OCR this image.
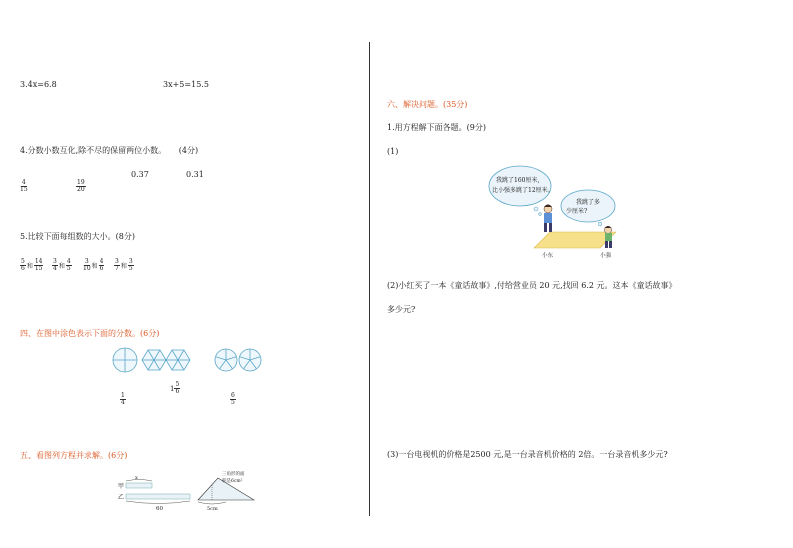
3.4x=6.8	3x+5=15.5
4.分数小数互化,除不尽的保留两位小数。 (4分)
$\frac{4}{15}$	$\frac{19}{20}$
0.37	0.31
5.比较下面每组数的大小。(8分)
$\frac{5}{6}$ 和 $\frac{14}{15} \frac{3}{4}$ 和 $\frac{4}{5} \frac{3}{10}$ 和 $\frac{4}{6} \frac{3}{7}$ 和 $\frac{3}{5}$
四、在图中涂色表示下面的分数。(6分)
$\frac{1}{4}$
$1 \frac{5}{6}$
$\frac{6}{5}$
五、看图列方程并求解。(6分)
x
甲
乙
60
三角形的面
积是6cm²
5cm
六、解决问题。(35分)
1.用方程解下面各题。(9分)
(1)
我跳了160厘米,
比小强多跳了12厘米。
我跳了多
少厘米?
小东	小强
(2)小红买了一本《童话故事》,付给营业员 20 元,找回 6.2 元。这本《童话故事》
多少元?
(3)一台电视机的价格是2500 元,是一台录音机价格的 2倍。一台录音机多少元?
